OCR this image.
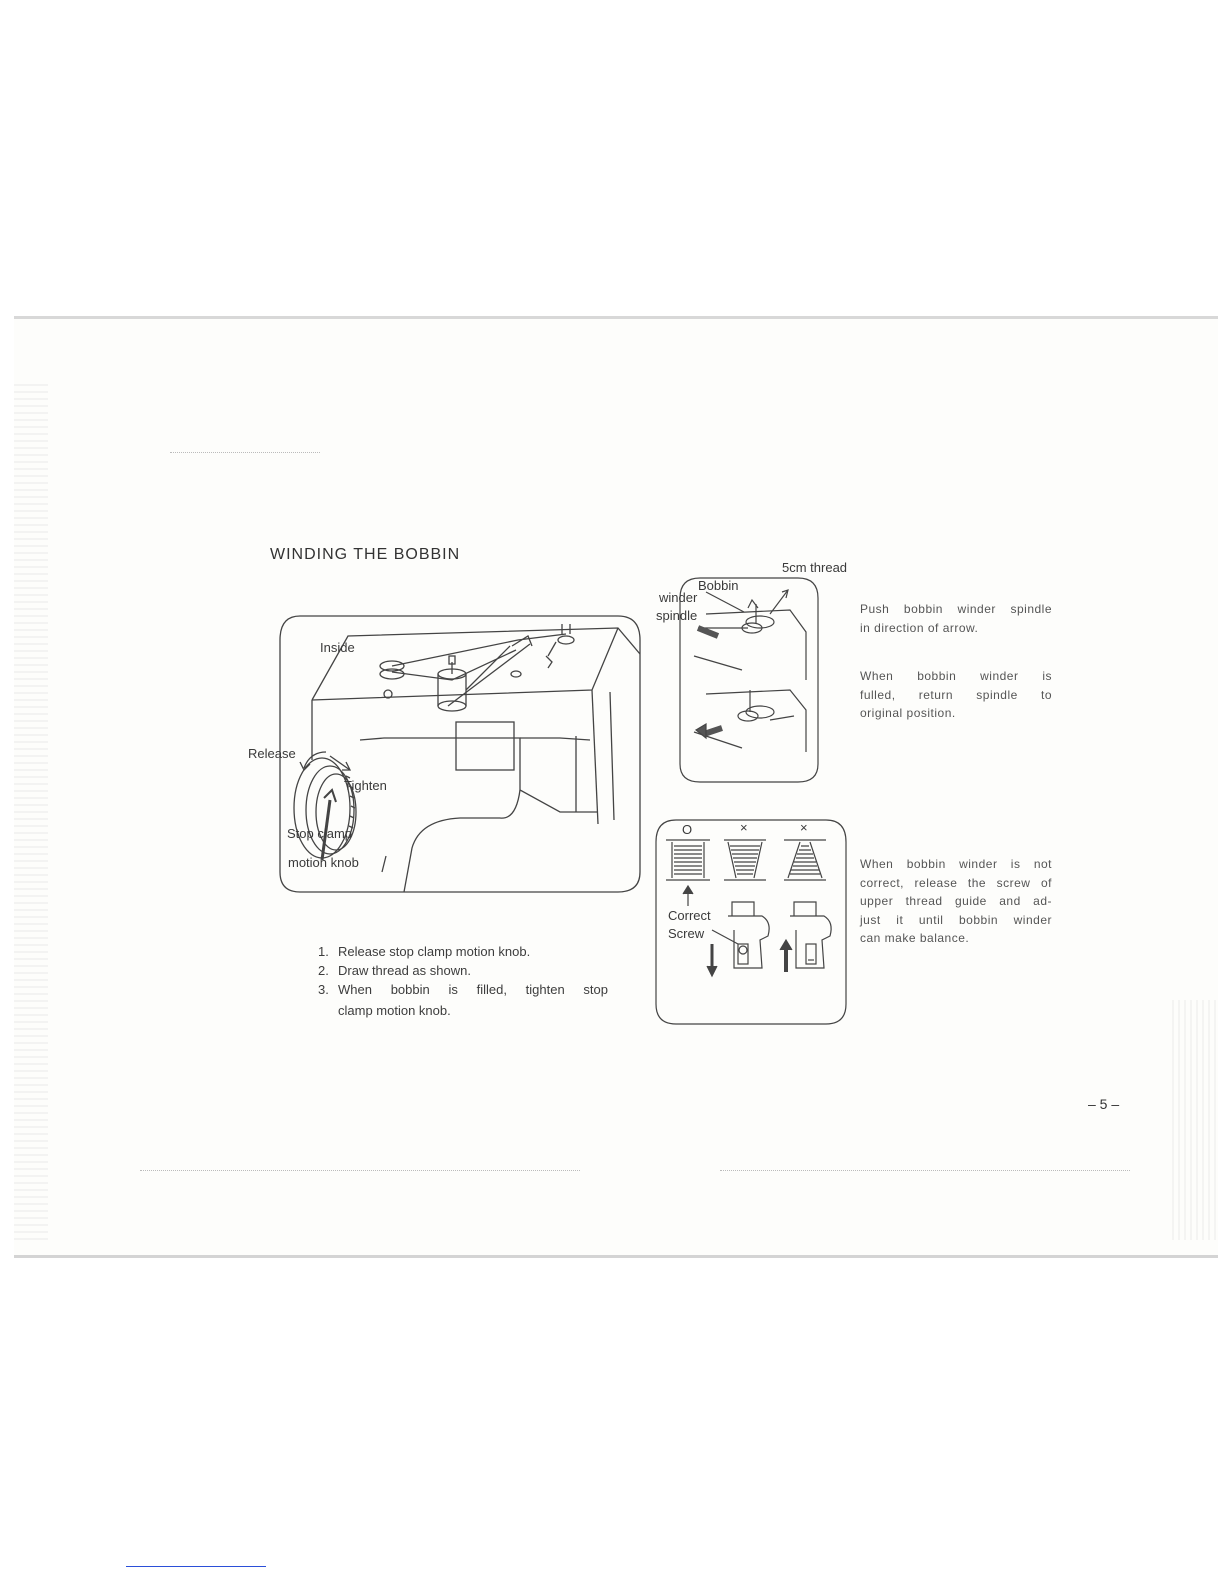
WINDING THE BOBBIN
Inside
Release
Tighten
Stop clamp
motion knob
5cm thread
Bobbin
winder
spindle
O	×	×
Correct
Screw
Push bobbin winder spindle
in direction of arrow.
When bobbin winder is
fulled, return spindle to
original position.
When bobbin winder is not
correct, release the screw of
upper thread guide and ad-
just it until bobbin winder
can make balance.
1. Release stop clamp motion knob.
2. Draw thread as shown.
3. When bobbin is filled, tighten stop
clamp motion knob.
– 5 –
